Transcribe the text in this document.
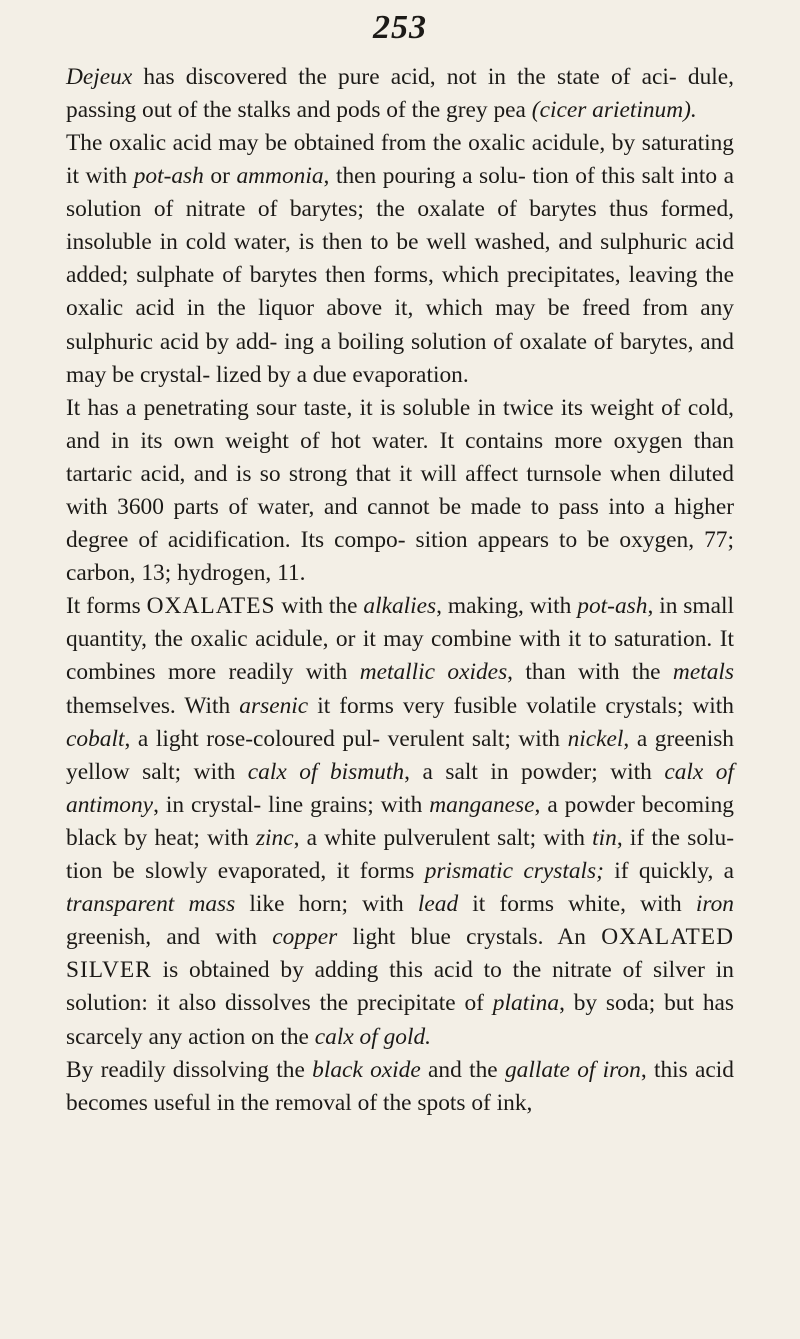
253

Dejeux has discovered the pure acid, not in the state of aci- dule, passing out of the stalks and pods of the grey pea (cicer arietinum).

The oxalic acid may be obtained from the oxalic acidule, by saturating it with pot-ash or ammonia, then pouring a solu- tion of this salt into a solution of nitrate of barytes; the oxalate of barytes thus formed, insoluble in cold water, is then to be well washed, and sulphuric acid added; sulphate of barytes then forms, which precipitates, leaving the oxalic acid in the liquor above it, which may be freed from any sulphuric acid by add- ing a boiling solution of oxalate of barytes, and may be crystal- lized by a due evaporation.

It has a penetrating sour taste, it is soluble in twice its weight of cold, and in its own weight of hot water. It contains more oxygen than tartaric acid, and is so strong that it will affect turnsole when diluted with 3600 parts of water, and cannot be made to pass into a higher degree of acidification. Its compo- sition appears to be oxygen, 77; carbon, 13; hydrogen, 11.

It forms OXALATES with the alkalies, making, with pot-ash, in small quantity, the oxalic acidule, or it may combine with it to saturation. It combines more readily with metallic oxides, than with the metals themselves. With arsenic it forms very fusible volatile crystals; with cobalt, a light rose-coloured pul- verulent salt; with nickel, a greenish yellow salt; with calx of bismuth, a salt in powder; with calx of antimony, in crystal- line grains; with manganese, a powder becoming black by heat; with zinc, a white pulverulent salt; with tin, if the solu- tion be slowly evaporated, it forms prismatic crystals; if quickly, a transparent mass like horn; with lead it forms white, with iron greenish, and with copper light blue crystals. An OXALATED SILVER is obtained by adding this acid to the nitrate of silver in solution: it also dissolves the precipitate of platina, by soda; but has scarcely any action on the calx of gold.

By readily dissolving the black oxide and the gallate of iron, this acid becomes useful in the removal of the spots of ink,
